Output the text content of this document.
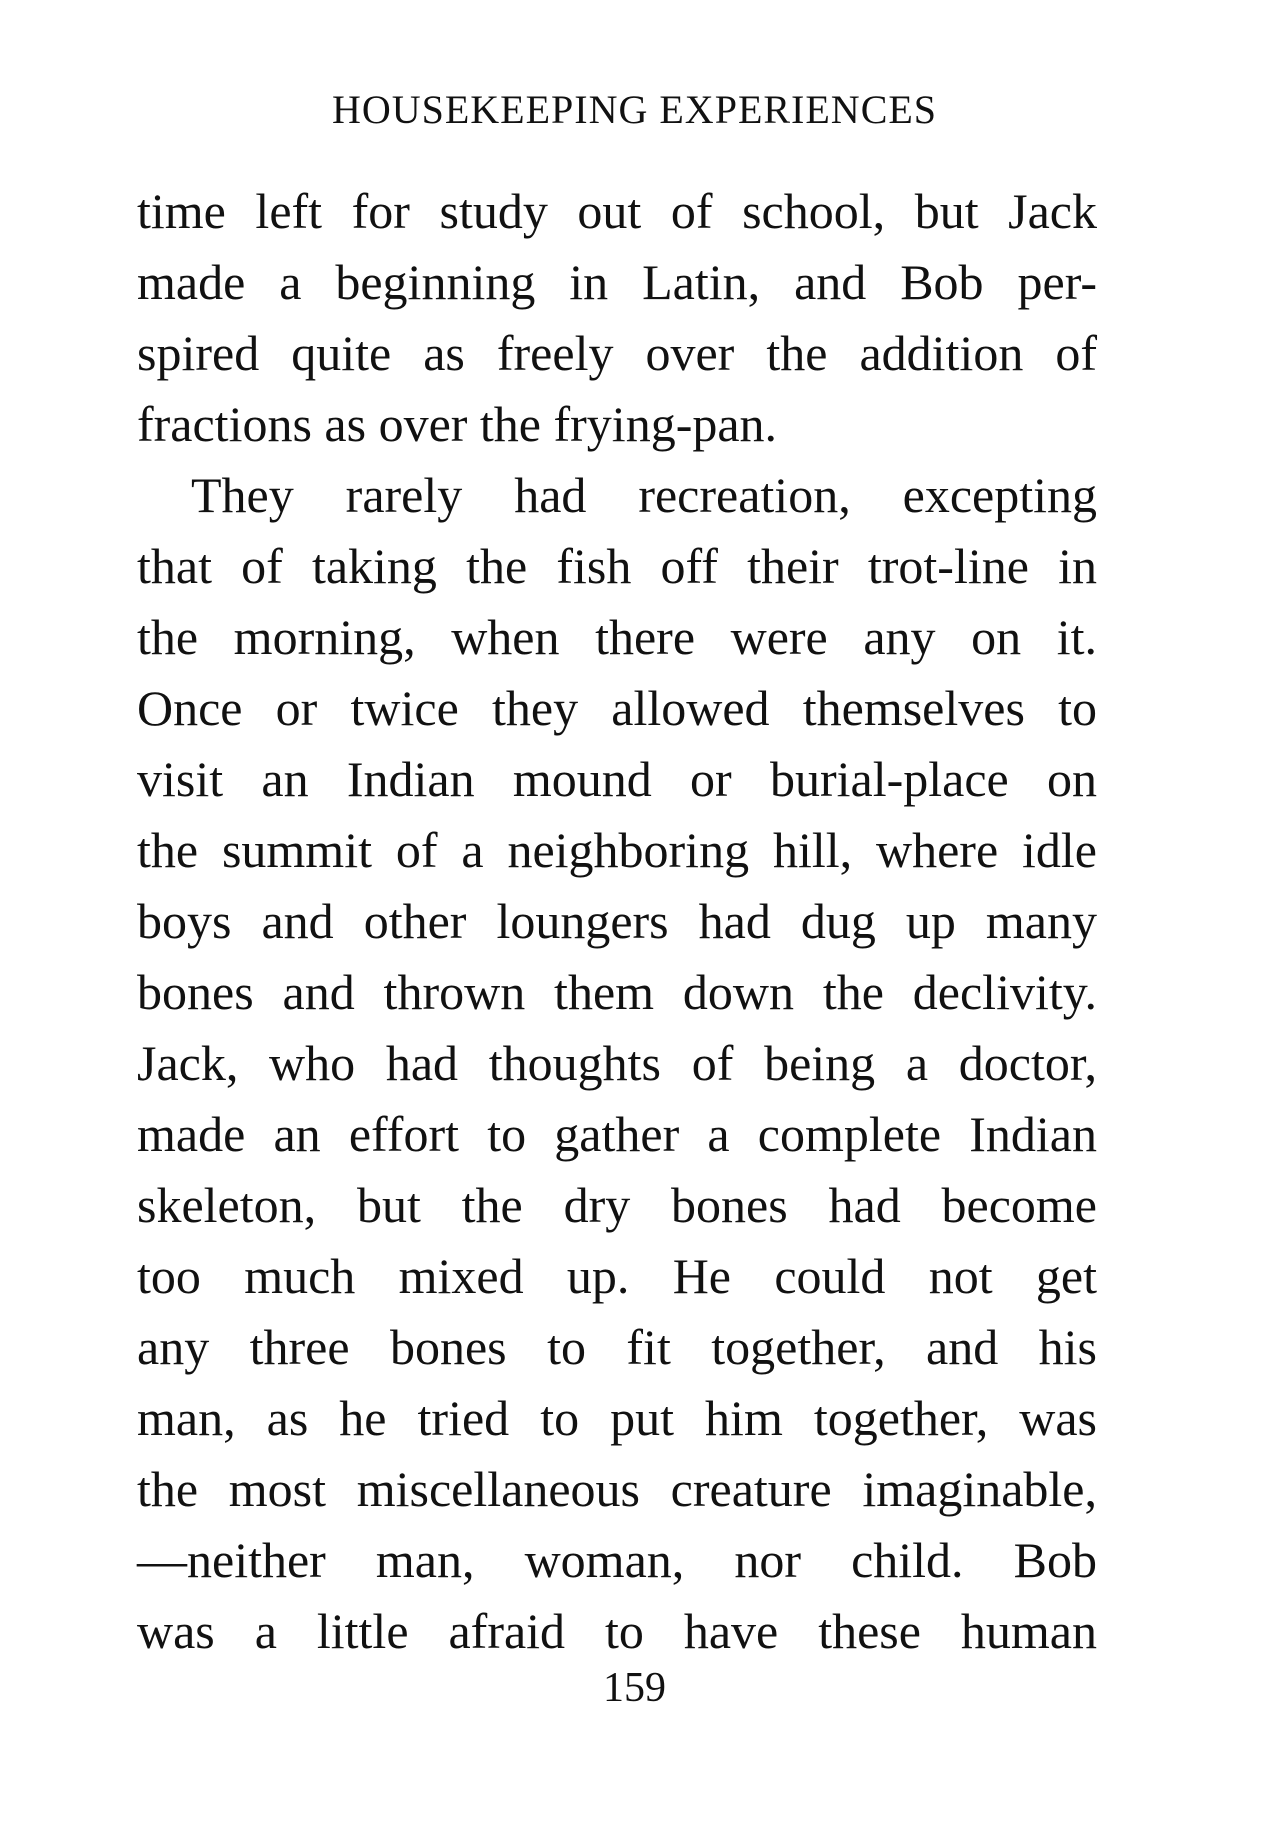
HOUSEKEEPING EXPERIENCES
time left for study out of school, but Jack
made a beginning in Latin, and Bob per-
spired quite as freely over the addition of
fractions as over the frying-pan.
They rarely had recreation, excepting
that of taking the fish off their trot-line in
the morning, when there were any on it.
Once or twice they allowed themselves to
visit an Indian mound or burial-place on
the summit of a neighboring hill, where idle
boys and other loungers had dug up many
bones and thrown them down the declivity.
Jack, who had thoughts of being a doctor,
made an effort to gather a complete Indian
skeleton, but the dry bones had become
too much mixed up. He could not get
any three bones to fit together, and his
man, as he tried to put him together, was
the most miscellaneous creature imaginable,
—neither man, woman, nor child. Bob
was a little afraid to have these human
159
